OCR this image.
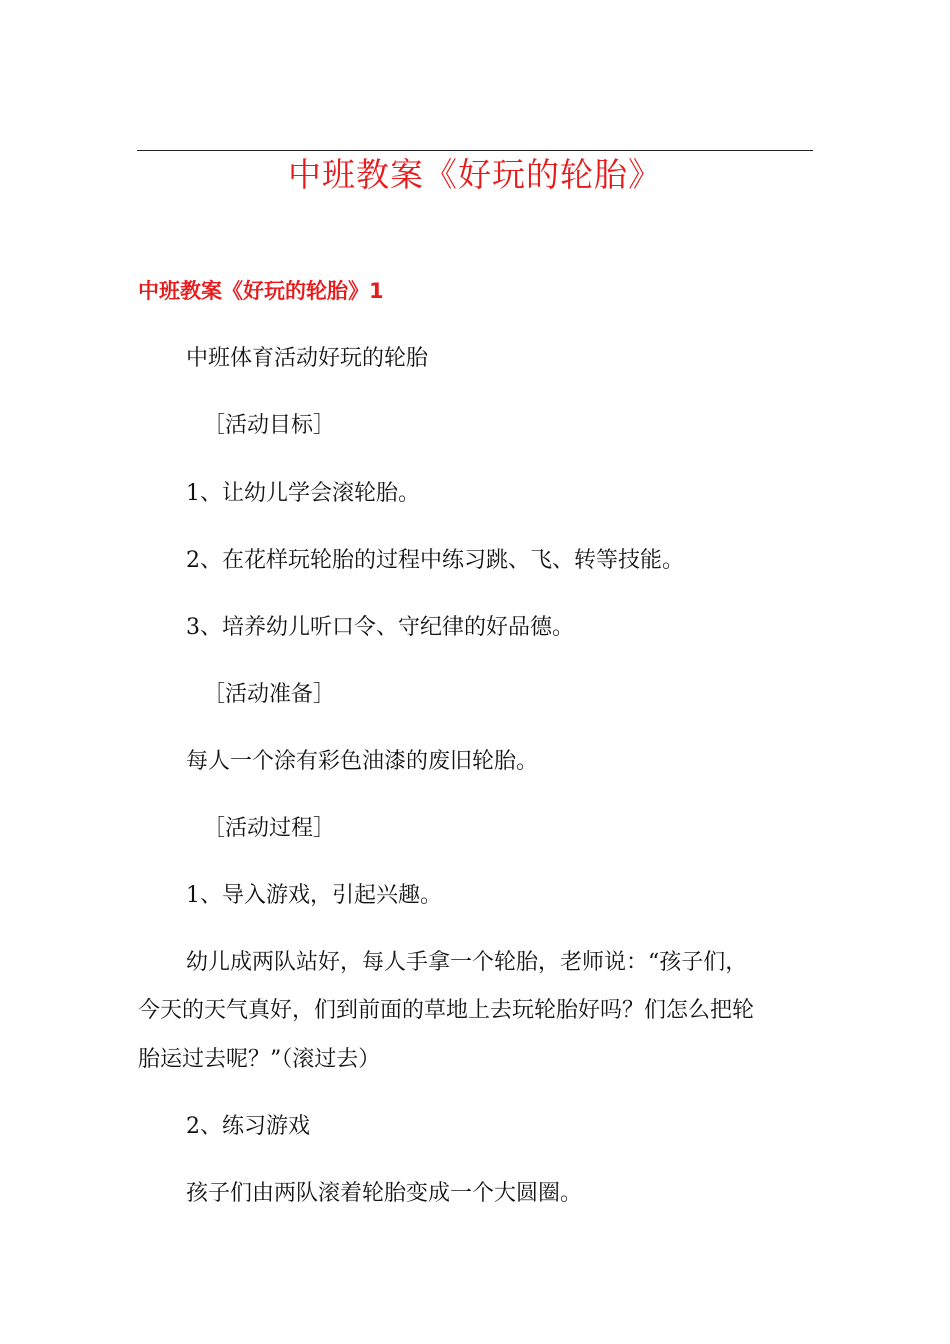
中班教案《好玩的轮胎》
中班教案《好玩的轮胎》1
中班体育活动好玩的轮胎
［活动目标］
1、让幼儿学会滚轮胎。
2、在花样玩轮胎的过程中练习跳、飞、转等技能。
3、培养幼儿听口令、守纪律的好品德。
［活动准备］
每人一个涂有彩色油漆的废旧轮胎。
［活动过程］
1、导入游戏，引起兴趣。
幼儿成两队站好，每人手拿一个轮胎，老师说：“孩子们，
今天的天气真好，们到前面的草地上去玩轮胎好吗？们怎么把轮
胎运过去呢？”（滚过去）
2、练习游戏
孩子们由两队滚着轮胎变成一个大圆圈。
